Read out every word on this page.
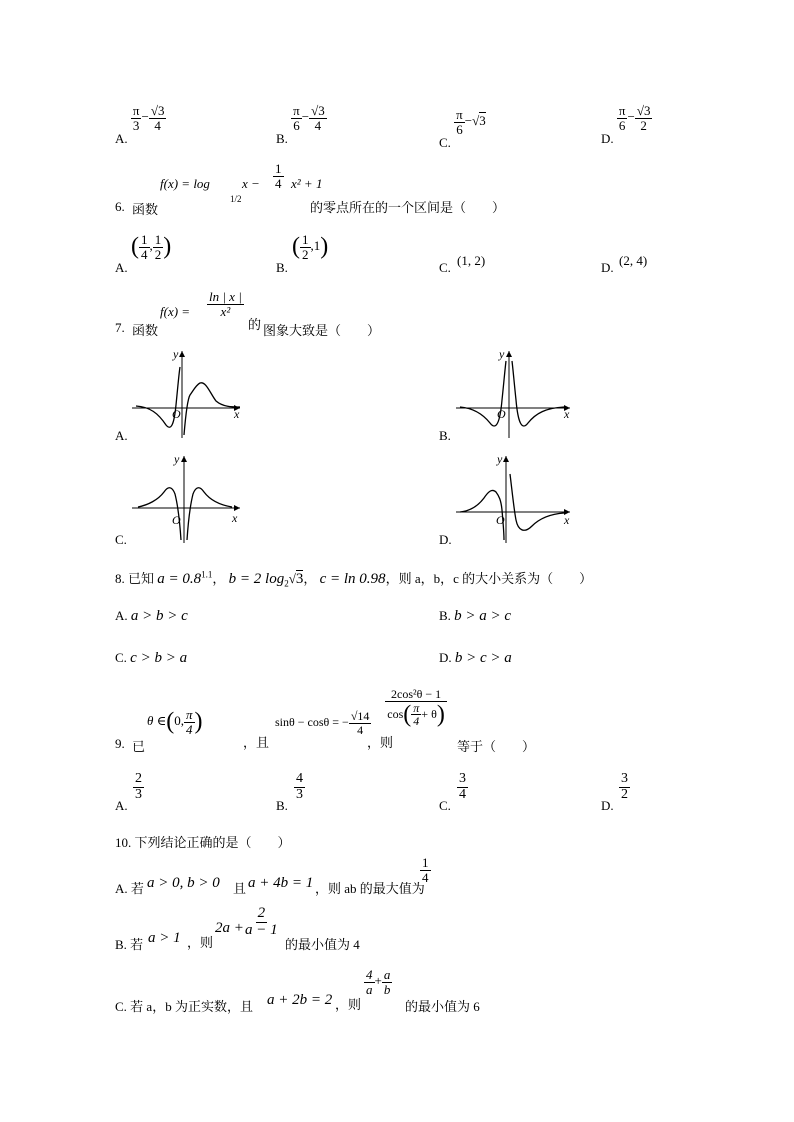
A.
$\frac{\pi}{3} - \frac{√3}{4}$
B.
$\frac{\pi}{6} - \frac{√3}{4}$
C.
$\frac{\pi}{6} -√3$
D.
$\frac{\pi}{6} - \frac{√3}{2}$
6. 函数
f(x) = log
1/2
$x - \frac{1}{4} x^2 + 1$
的零点所在的一个区间是（　　）
A.
( $\frac{1}{4}$ , $\frac{1}{2}$ )
B.
( $\frac{1}{2} ,1$)
C. (1, 2)	D. (2, 4)
7. 函数
$f(x) = \frac{\ln | x |}{\text{x²}}$
的 图象大致是（　　）
A.
O
y
x
B.
O
y
x
C.
O
y
x
D.
O
y
x
8. 已知 $a = 0.8^{1.1}$， b = 2 $\log_2√3$， c = ln 0.98，则 a，b，c 的大小关系为（　　）
A. a > b > c	B. b > a > c
C. c > b > a	D. b > c > a
9. 已
θ ∈(0, $\frac{\pi}{4}$ )
，且
sinθ − cosθ = − $\frac{√14}{4}$
，则
$\frac{\text{2cos²θ − 1}}{\cos( \frac{\pi}{4} + \theta)}$
等于（　　）
A.
$\frac{2}{3}$
B.
$\frac{4}{3}$
C.
$\frac{3}{4}$
D.
$\frac{3}{2}$
10. 下列结论正确的是（　　）
A. 若 a > 0, b > 0 且 a + 4b = 1 ，则 ab 的最大值为
$\frac{1}{4}$
B. 若 a > 1 ，则
$2a + \frac{2}{a - 1}$
的最小值为 4
C. 若 a，b 为正实数，且 a + 2b = 2 ，则
$\frac{4}{a} + \frac{a}{b}$
的最小值为 6
